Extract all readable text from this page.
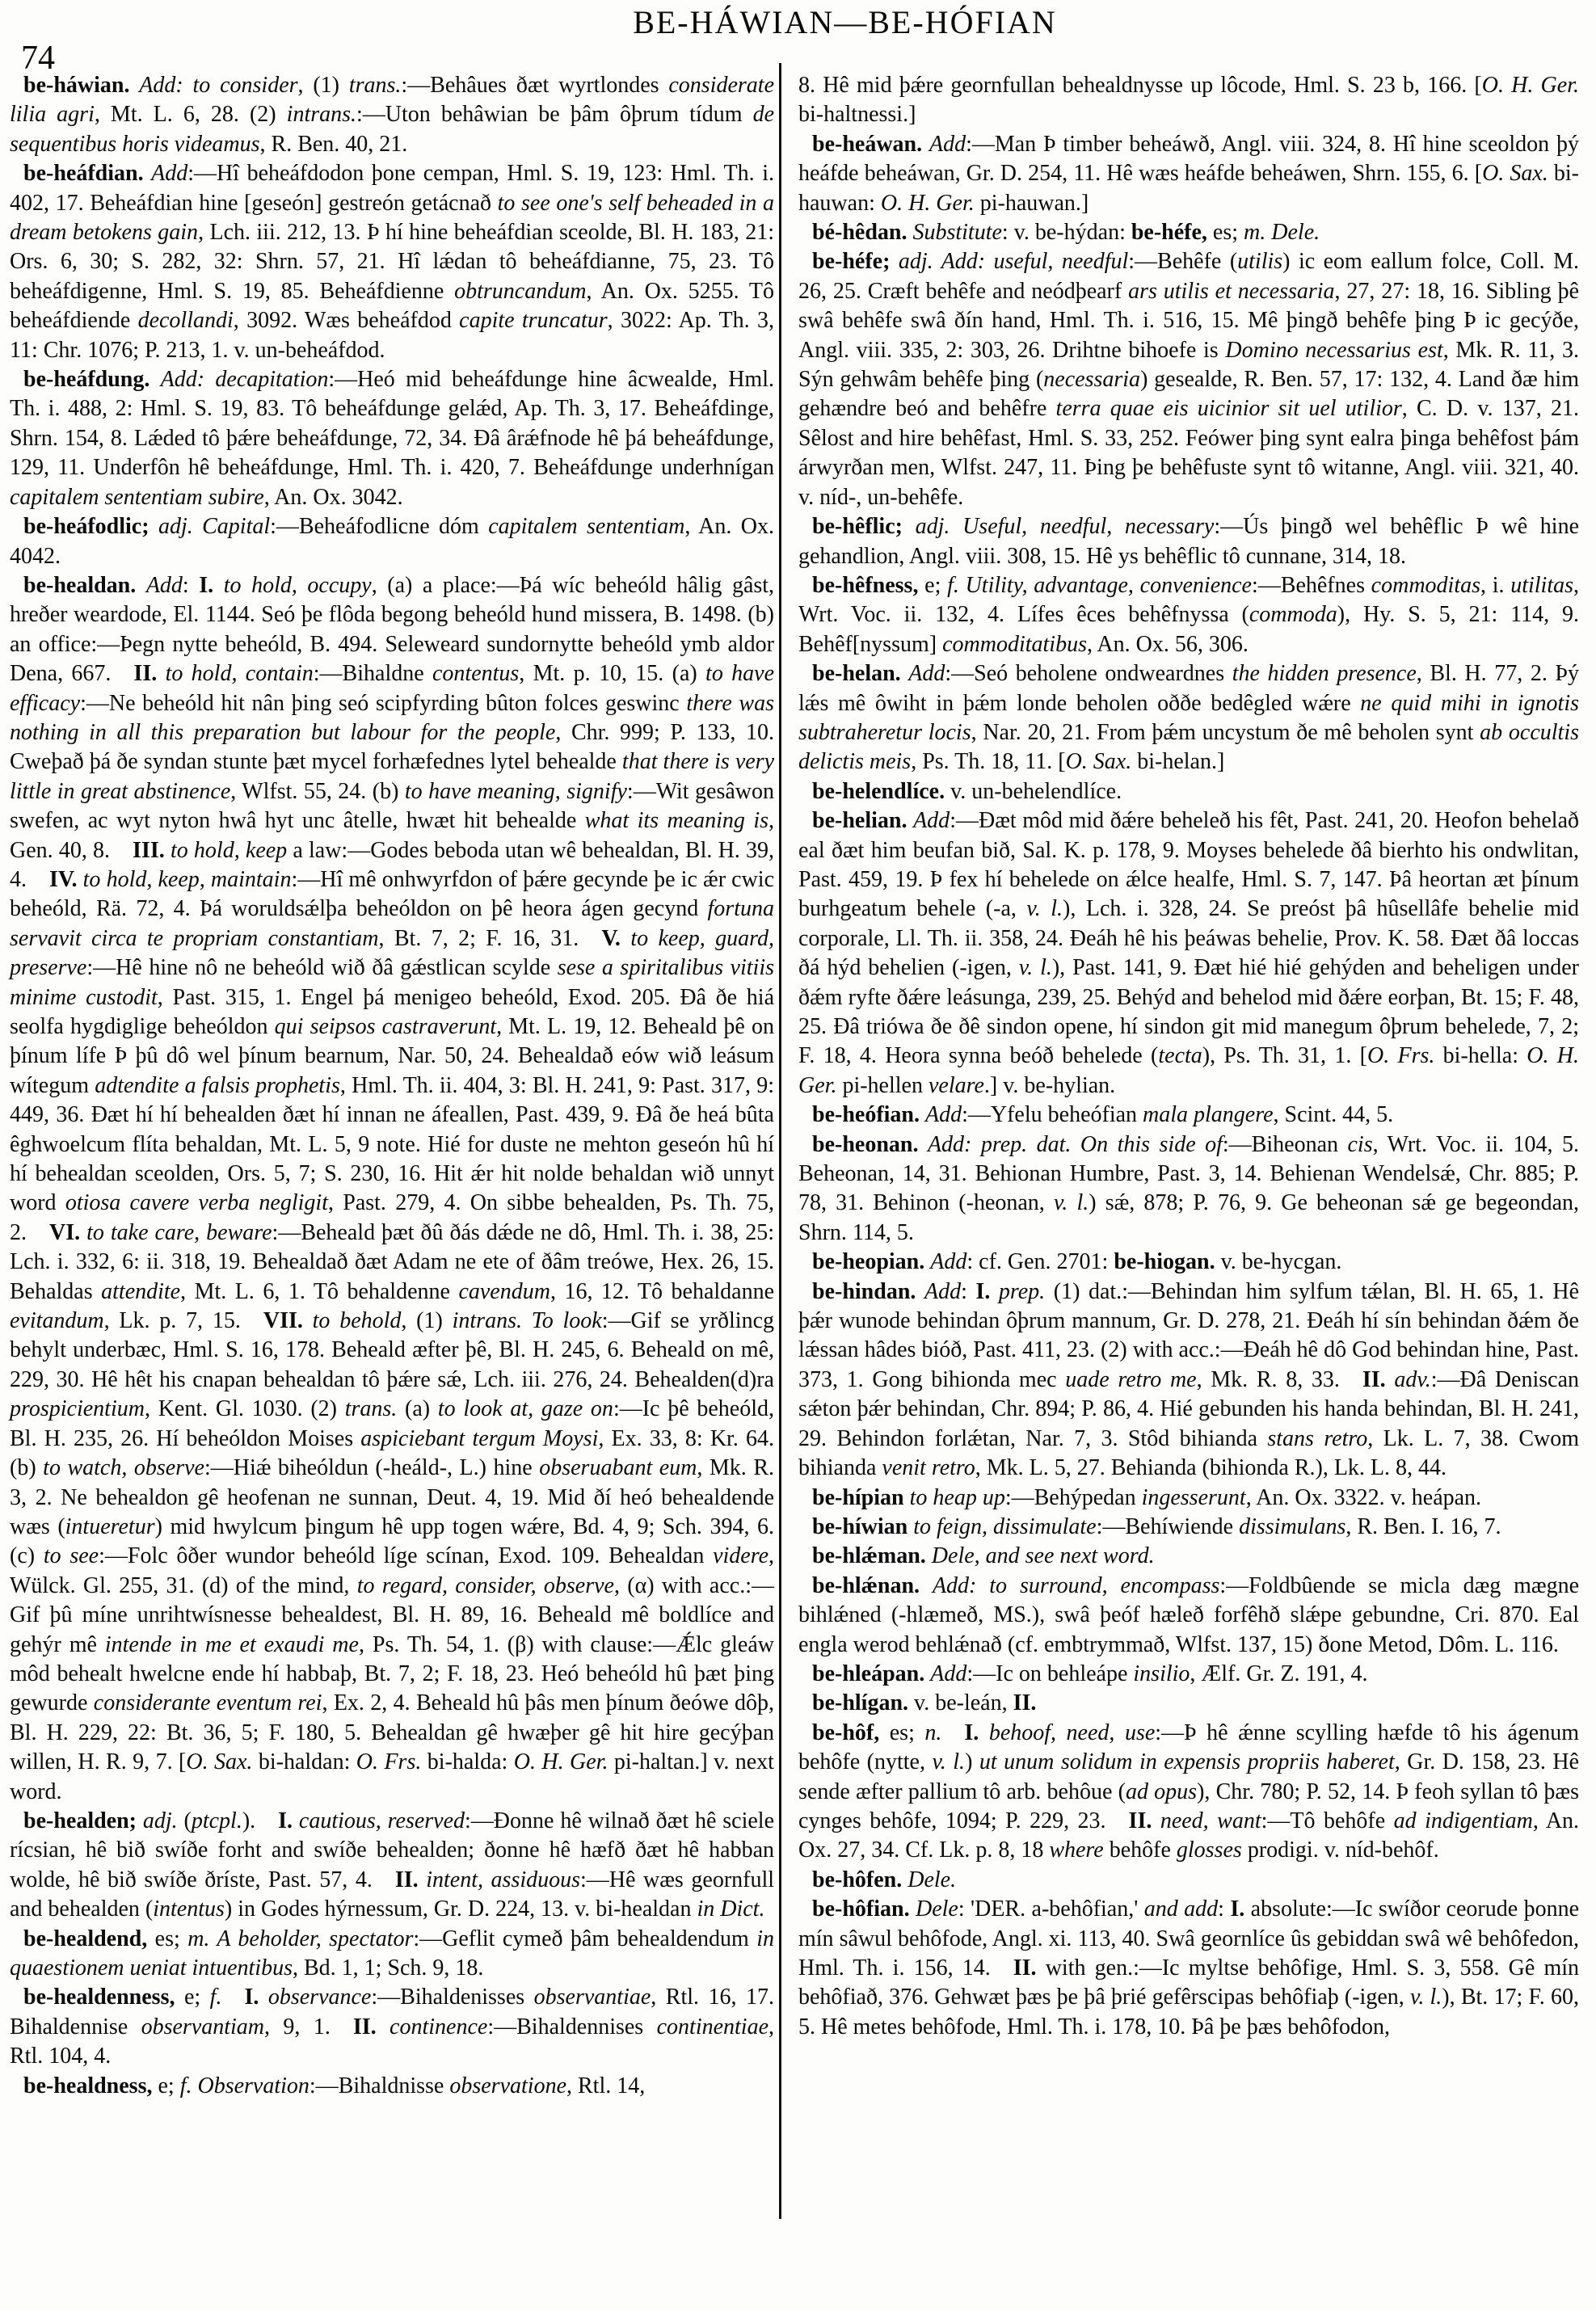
74
BE-HÁWIAN—BE-HÓFIAN

be-háwian. Add: to consider, (1) trans.:—Behâues ðæt wyrtlondes considerate lilia agri, Mt. L. 6, 28. (2) intrans.:—Uton behâwian be þâm ôþrum tídum de sequentibus horis videamus, R. Ben. 40, 21.

be-heáfdian. Add:—Hî beheáfdodon þone cempan, Hml. S. 19, 123: Hml. Th. i. 402, 17. Beheáfdian hine [geseón] gestreón getácnað to see one's self beheaded in a dream betokens gain, Lch. iii. 212, 13. Þ hí hine beheáfdian sceolde, Bl. H. 183, 21: Ors. 6, 30; S. 282, 32: Shrn. 57, 21. Hî lǽdan tô beheáfdianne, 75, 23. Tô beheáfdigenne, Hml. S. 19, 85. Beheáfdienne obtruncandum, An. Ox. 5255. Tô beheáfdiende decollandi, 3092. Wæs beheáfdod capite truncatur, 3022: Ap. Th. 3, 11: Chr. 1076; P. 213, 1. v. un-beheáfdod.

be-heáfdung. Add: decapitation:—Heó mid beheáfdunge hine âcwealde, Hml. Th. i. 488, 2: Hml. S. 19, 83. Tô beheáfdunge gelǽd, Ap. Th. 3, 17. Beheáfdinge, Shrn. 154, 8. Lǽded tô þǽre beheáfdunge, 72, 34. Ðâ ârǽfnode hê þá beheáfdunge, 129, 11. Underfôn hê beheáfdunge, Hml. Th. i. 420, 7. Beheáfdunge underhnígan capitalem sententiam subire, An. Ox. 3042.

be-heáfodlic; adj. Capital:—Beheáfodlicne dóm capitalem sententiam, An. Ox. 4042.

be-healdan. Add: I. to hold, occupy, (a) a place:—Þá wíc beheóld hâlig gâst, hreðer weardode, El. 1144. Seó þe flôda begong beheóld hund missera, B. 1498. (b) an office:—Þegn nytte beheóld, B. 494. Seleweard sundornytte beheóld ymb aldor Dena, 667. II. to hold, contain:—Bihaldne contentus, Mt. p. 10, 15. (a) to have efficacy:—Ne beheóld hit nân þing seó scipfyrding bûton folces geswinc there was nothing in all this preparation but labour for the people, Chr. 999; P. 133, 10. Cweþað þá ðe syndan stunte þæt mycel forhæfednes lytel behealde that there is very little in great abstinence, Wlfst. 55, 24. (b) to have meaning, signify:—Wit gesâwon swefen, ac wyt nyton hwâ hyt unc âtelle, hwæt hit behealde what its meaning is, Gen. 40, 8. III. to hold, keep a law:—Godes beboda utan wê behealdan, Bl. H. 39, 4. IV. to hold, keep, maintain:—Hî mê onhwyrfdon of þǽre gecynde þe ic ǽr cwic beheóld, Rä. 72, 4. Þá woruldsǽlþa beheóldon on þê heora ágen gecynd fortuna servavit circa te propriam constantiam, Bt. 7, 2; F. 16, 31. V. to keep, guard, preserve:—Hê hine nô ne beheóld wið ðâ gǽstlican scylde sese a spiritalibus vitiis minime custodit, Past. 315, 1. Engel þá menigeo beheóld, Exod. 205. Ðâ ðe hiá seolfa hygdiglige beheóldon qui seipsos castraverunt, Mt. L. 19, 12. Beheald þê on þínum lífe Þ þû dô wel þínum bearnum, Nar. 50, 24. Behealdað eów wið leásum wítegum adtendite a falsis prophetis, Hml. Th. ii. 404, 3: Bl. H. 241, 9: Past. 317, 9: 449, 36. Ðæt hí hí behealden ðæt hí innan ne áfeallen, Past. 439, 9. Ðâ ðe heá bûta êghwoelcum flíta behaldan, Mt. L. 5, 9 note. Hié for duste ne mehton geseón hû hí hí behealdan sceolden, Ors. 5, 7; S. 230, 16. Hit ǽr hit nolde behaldan wið unnyt word otiosa cavere verba negligit, Past. 279, 4. On sibbe behealden, Ps. Th. 75, 2. VI. to take care, beware:—Beheald þæt ðû ðás dǽde ne dô, Hml. Th. i. 38, 25: Lch. i. 332, 6: ii. 318, 19. Behealdað ðæt Adam ne ete of ðâm treówe, Hex. 26, 15. Behaldas attendite, Mt. L. 6, 1. Tô behaldenne cavendum, 16, 12. Tô behaldanne evitandum, Lk. p. 7, 15. VII. to behold, (1) intrans. To look:—Gif se yrðlincg behylt underbæc, Hml. S. 16, 178. Beheald æfter þê, Bl. H. 245, 6. Beheald on mê, 229, 30. Hê hêt his cnapan behealdan tô þǽre sǽ, Lch. iii. 276, 24. Behealden(d)ra prospicientium, Kent. Gl. 1030. (2) trans. (a) to look at, gaze on:—Ic þê beheóld, Bl. H. 235, 26. Hí beheóldon Moises aspiciebant tergum Moysi, Ex. 33, 8: Kr. 64. (b) to watch, observe:—Hiǽ biheóldun (-heáld-, L.) hine obseruabant eum, Mk. R. 3, 2. Ne behealdon gê heofenan ne sunnan, Deut. 4, 19. Mid ðí heó behealdende wæs (intueretur) mid hwylcum þingum hê upp togen wǽre, Bd. 4, 9; Sch. 394, 6. (c) to see:—Folc ôðer wundor beheóld líge scínan, Exod. 109. Behealdan videre, Wülck. Gl. 255, 31. (d) of the mind, to regard, consider, observe, (α) with acc.:—Gif þû míne unrihtwísnesse behealdest, Bl. H. 89, 16. Beheald mê boldlíce and gehýr mê intende in me et exaudi me, Ps. Th. 54, 1. (β) with clause:—Ǽlc gleáw môd behealt hwelcne ende hí habbaþ, Bt. 7, 2; F. 18, 23. Heó beheóld hû þæt þing gewurde considerante eventum rei, Ex. 2, 4. Beheald hû þâs men þínum ðeówe dôþ, Bl. H. 229, 22: Bt. 36, 5; F. 180, 5. Behealdan gê hwæþer gê hit hire gecýþan willen, H. R. 9, 7. [O. Sax. bi-haldan: O. Frs. bi-halda: O. H. Ger. pi-haltan.] v. next word.

be-healden; adj. (ptcpl.). I. cautious, reserved:—Ðonne hê wilnað ðæt hê sciele rícsian, hê bið swíðe forht and swíðe behealden; ðonne hê hæfð ðæt hê habban wolde, hê bið swíðe ðríste, Past. 57, 4. II. intent, assiduous:—Hê wæs geornfull and behealden (intentus) in Godes hýrnessum, Gr. D. 224, 13. v. bi-healdan in Dict.

be-healdend, es; m. A beholder, spectator:—Geflit cymeð þâm behealdendum in quaestionem ueniat intuentibus, Bd. 1, 1; Sch. 9, 18.

be-healdenness, e; f.  I. observance:—Bihaldenisses observantiae, Rtl. 16, 17. Bihaldennise observantiam, 9, 1. II. continence:—Bihaldennises continentiae, Rtl. 104, 4.

be-healdness, e; f. Observation:—Bihaldnisse observatione, Rtl. 14,

8. Hê mid þǽre geornfullan behealdnysse up lôcode, Hml. S. 23 b, 166. [O. H. Ger. bi-haltnessi.]

be-heáwan. Add:—Man Þ timber beheáwð, Angl. viii. 324, 8. Hî hine sceoldon þý heáfde beheáwan, Gr. D. 254, 11. Hê wæs heáfde beheáwen, Shrn. 155, 6. [O. Sax. bi-hauwan: O. H. Ger. pi-hauwan.]

bé-hêdan. Substitute: v. be-hýdan: be-héfe, es; m. Dele.

be-héfe; adj. Add: useful, needful:—Behêfe (utilis) ic eom eallum folce, Coll. M. 26, 25. Cræft behêfe and neódþearf ars utilis et necessaria, 27, 27: 18, 16. Sibling þê swâ behêfe swâ ðín hand, Hml. Th. i. 516, 15. Mê þingð behêfe þing Þ ic gecýðe, Angl. viii. 335, 2: 303, 26. Drihtne bihoefe is Domino necessarius est, Mk. R. 11, 3. Sýn gehwâm behêfe þing (necessaria) gesealde, R. Ben. 57, 17: 132, 4. Land ðæ him gehændre beó and behêfre terra quae eis uicinior sit uel utilior, C. D. v. 137, 21. Sêlost and hire behêfast, Hml. S. 33, 252. Feówer þing synt ealra þinga behêfost þám árwyrðan men, Wlfst. 247, 11. Þing þe behêfuste synt tô witanne, Angl. viii. 321, 40. v. níd-, un-behêfe.

be-hêflic; adj. Useful, needful, necessary:—Ús þingð wel behêflic Þ wê hine gehandlion, Angl. viii. 308, 15. Hê ys behêflic tô cunnane, 314, 18.

be-hêfness, e; f. Utility, advantage, convenience:—Behêfnes commoditas, i. utilitas, Wrt. Voc. ii. 132, 4. Lífes êces behêfnyssa (commoda), Hy. S. 5, 21: 114, 9. Behêf[nyssum] commoditatibus, An. Ox. 56, 306.

be-helan. Add:—Seó beholene ondweardnes the hidden presence, Bl. H. 77, 2. Þý lǽs mê ôwiht in þǽm londe beholen oððe bedêgled wǽre ne quid mihi in ignotis subtraheretur locis, Nar. 20, 21. From þǽm uncystum ðe mê beholen synt ab occultis delictis meis, Ps. Th. 18, 11. [O. Sax. bi-helan.]

be-helendlíce. v. un-behelendlíce.

be-helian. Add:—Ðæt môd mid ðǽre beheleð his fêt, Past. 241, 20. Heofon behelað eal ðæt him beufan bið, Sal. K. p. 178, 9. Moyses behelede ðâ bierhto his ondwlitan, Past. 459, 19. Þ fex hí behelede on ǽlce healfe, Hml. S. 7, 147. Þâ heortan æt þínum burhgeatum behele (-a, v. l.), Lch. i. 328, 24. Se preóst þâ hûsellâfe behelie mid corporale, Ll. Th. ii. 358, 24. Ðeáh hê his þeáwas behelie, Prov. K. 58. Ðæt ðâ loccas ðá hýd behelien (-igen, v. l.), Past. 141, 9. Ðæt hié hié gehýden and beheligen under ðǽm ryfte ðǽre leásunga, 239, 25. Behýd and behelod mid ðǽre eorþan, Bt. 15; F. 48, 25. Ðâ triówa ðe ðê sindon opene, hí sindon git mid manegum ôþrum behelede, 7, 2; F. 18, 4. Heora synna beóð behelede (tecta), Ps. Th. 31, 1. [O. Frs. bi-hella: O. H. Ger. pi-hellen velare.] v. be-hylian.

be-heófian. Add:—Yfelu beheófian mala plangere, Scint. 44, 5.

be-heonan. Add: prep. dat. On this side of:—Biheonan cis, Wrt. Voc. ii. 104, 5. Beheonan, 14, 31. Behionan Humbre, Past. 3, 14. Behienan Wendelsǽ, Chr. 885; P. 78, 31. Behinon (-heonan, v. l.) sǽ, 878; P. 76, 9. Ge beheonan sǽ ge begeondan, Shrn. 114, 5.

be-heopian. Add: cf. Gen. 2701: be-hiogan. v. be-hycgan.

be-hindan. Add: I. prep. (1) dat.:—Behindan him sylfum tǽlan, Bl. H. 65, 1. Hê þǽr wunode behindan ôþrum mannum, Gr. D. 278, 21. Ðeáh hí sín behindan ðǽm ðe lǽssan hâdes bióð, Past. 411, 23. (2) with acc.:—Ðeáh hê dô God behindan hine, Past. 373, 1. Gong bihionda mec uade retro me, Mk. R. 8, 33. II. adv.:—Ðâ Deniscan sǽton þǽr behindan, Chr. 894; P. 86, 4. Hié gebunden his handa behindan, Bl. H. 241, 29. Behindon forlǽtan, Nar. 7, 3. Stôd bihianda stans retro, Lk. L. 7, 38. Cwom bihianda venit retro, Mk. L. 5, 27. Behianda (bihionda R.), Lk. L. 8, 44.

be-hípian to heap up:—Behýpedan ingesserunt, An. Ox. 3322. v. heápan.

be-híwian to feign, dissimulate:—Behíwiende dissimulans, R. Ben. I. 16, 7.

be-hlǽman. Dele, and see next word.

be-hlǽnan. Add: to surround, encompass:—Foldbûende se micla dæg mægne bihlǽned (-hlæmeð, MS.), swâ þeóf hæleð forfêhð slǽpe gebundne, Cri. 870. Eal engla werod behlǽnað (cf. embtrymmað, Wlfst. 137, 15) ðone Metod, Dôm. L. 116.

be-hleápan. Add:—Ic on behleápe insilio, Ælf. Gr. Z. 191, 4.

be-hlígan. v. be-leán, II.

be-hôf, es; n.  I. behoof, need, use:—Þ hê ǽnne scylling hæfde tô his ágenum behôfe (nytte, v. l.) ut unum solidum in expensis propriis haberet, Gr. D. 158, 23. Hê sende æfter pallium tô arb. behôue (ad opus), Chr. 780; P. 52, 14. Þ feoh syllan tô þæs cynges behôfe, 1094; P. 229, 23. II. need, want:—Tô behôfe ad indigentiam, An. Ox. 27, 34. Cf. Lk. p. 8, 18 where behôfe glosses prodigi. v. níd-behôf.

be-hôfen. Dele.

be-hôfian. Dele: 'DER. a-behôfian,' and add: I. absolute:—Ic swíðor ceorude þonne mín sâwul behôfode, Angl. xi. 113, 40. Swâ geornlíce ûs gebiddan swâ wê behôfedon, Hml. Th. i. 156, 14. II. with gen.:—Ic myltse behôfige, Hml. S. 3, 558. Gê mín behôfiað, 376. Gehwæt þæs þe þâ þrié gefêrscipas behôfiaþ (-igen, v. l.), Bt. 17; F. 60, 5. Hê metes behôfode, Hml. Th. i. 178, 10. Þâ þe þæs behôfodon,
